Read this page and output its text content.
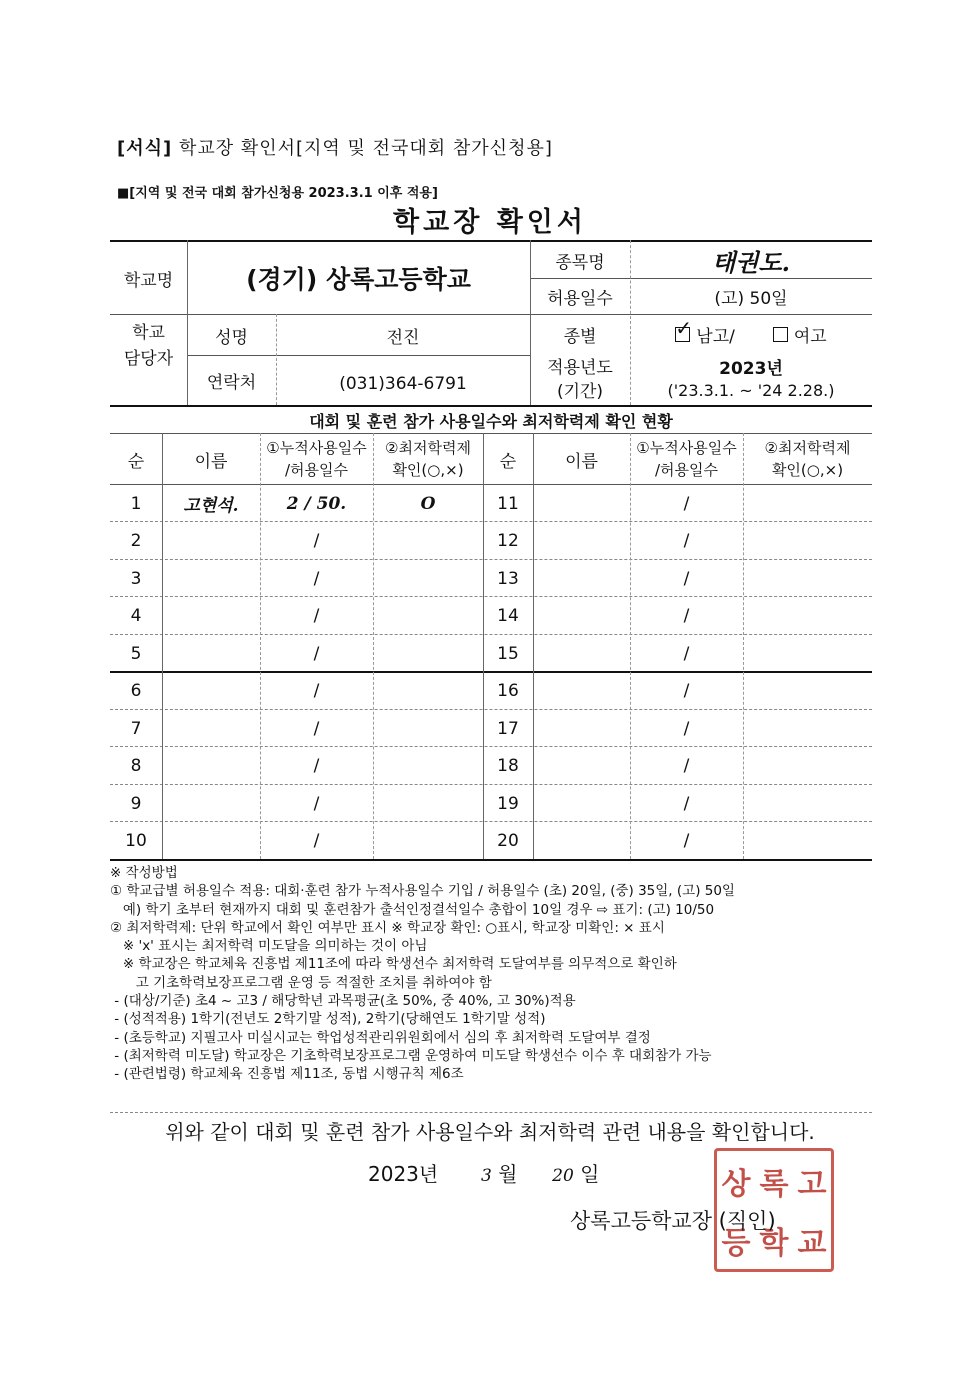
[서식] 학교장 확인서[지역 및 전국대회 참가신청용]
■[지역 및 전국 대회 참가신청용 2023.3.1 이후 적용]
학교장 확인서
학교명	(경기) 상록고등학교
종목명	태권도.
허용일수	(고) 50일
학교
담당자
성명	전진
연락처	(031)364-6791
종별
✓	남고/	여고
적용년도
(기간)
2023년
('23.3.1. ~ '24 2.28.)
대회 및 훈련 참가 사용일수와 최저학력제 확인 현황
순	이름
①누적사용일수
/허용일수
②최저학력제
확인(○,×)	순	이름
①누적사용일수
/허용일수
②최저학력제
확인(○,×)
1	고현석.	2 / 50.	O
2	/
3	/
4	/
5	/
6	/
7	/
8	/
9	/
10	/
11	/
12	/
13	/
14	/
15	/
16	/
17	/
18	/
19	/
20	/
※ 작성방법
① 학교급별 허용일수 적용: 대회·훈련 참가 누적사용일수 기입 / 허용일수 (초) 20일, (중) 35일, (고) 50일
예) 학기 초부터 현재까지 대회 및 훈련참가 출석인정결석일수 총합이 10일 경우 ⇨ 표기: (고) 10/50
② 최저학력제: 단위 학교에서 확인 여부만 표시 ※ 학교장 확인: ○표시, 학교장 미확인: × 표시
※ 'x' 표시는 최저학력 미도달을 의미하는 것이 아님
※ 학교장은 학교체육 진흥법 제11조에 따라 학생선수 최저학력 도달여부를 의무적으로 확인하
고 기초학력보장프로그램 운영 등 적절한 조치를 취하여야 함
- (대상/기준) 초4 ~ 고3 / 해당학년 과목평균(초 50%, 중 40%, 고 30%)적용
- (성적적용) 1학기(전년도 2학기말 성적), 2학기(당해연도 1학기말 성적)
- (초등학교) 지필고사 미실시교는 학업성적관리위원회에서 심의 후 최저학력 도달여부 결정
- (최저학력 미도달) 학교장은 기초학력보장프로그램 운영하여 미도달 학생선수 이수 후 대회참가 가능
- (관련법령) 학교체육 진흥법 제11조, 동법 시행규칙 제6조
위와 같이 대회 및 훈련 참가 사용일수와 최저학력 관련 내용을 확인합니다.
2023년	3 월 20 일	상 록 고
등 학 교
상록고등학교장 (직인)
